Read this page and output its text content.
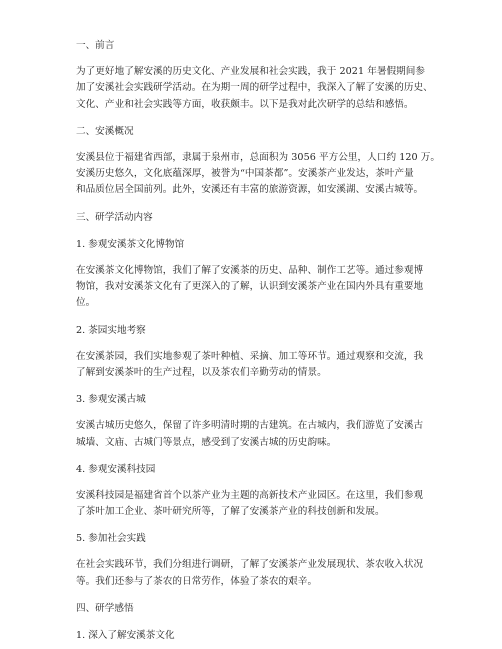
一、前言
为了更好地了解安溪的历史文化、产业发展和社会实践，我于 2021 年暑假期间参
加了安溪社会实践研学活动。在为期一周的研学过程中，我深入了解了安溪的历史、
文化、产业和社会实践等方面，收获颇丰。以下是我对此次研学的总结和感悟。
二、安溪概况
安溪县位于福建省西部，隶属于泉州市，总面积为 3056 平方公里，人口约 120 万。
安溪历史悠久，文化底蕴深厚，被誉为“中国茶都”。安溪茶产业发达，茶叶产量
和品质位居全国前列。此外，安溪还有丰富的旅游资源，如安溪湖、安溪古城等。
三、研学活动内容
1. 参观安溪茶文化博物馆
在安溪茶文化博物馆，我们了解了安溪茶的历史、品种、制作工艺等。通过参观博
物馆，我对安溪茶文化有了更深入的了解，认识到安溪茶产业在国内外具有重要地
位。
2. 茶园实地考察
在安溪茶园，我们实地参观了茶叶种植、采摘、加工等环节。通过观察和交流，我
了解到安溪茶叶的生产过程，以及茶农们辛勤劳动的情景。
3. 参观安溪古城
安溪古城历史悠久，保留了许多明清时期的古建筑。在古城内，我们游览了安溪古
城墙、文庙、古城门等景点，感受到了安溪古城的历史韵味。
4. 参观安溪科技园
安溪科技园是福建省首个以茶产业为主题的高新技术产业园区。在这里，我们参观
了茶叶加工企业、茶叶研究所等，了解了安溪茶产业的科技创新和发展。
5. 参加社会实践
在社会实践环节，我们分组进行调研，了解了安溪茶产业发展现状、茶农收入状况
等。我们还参与了茶农的日常劳作，体验了茶农的艰辛。
四、研学感悟
1. 深入了解安溪茶文化
